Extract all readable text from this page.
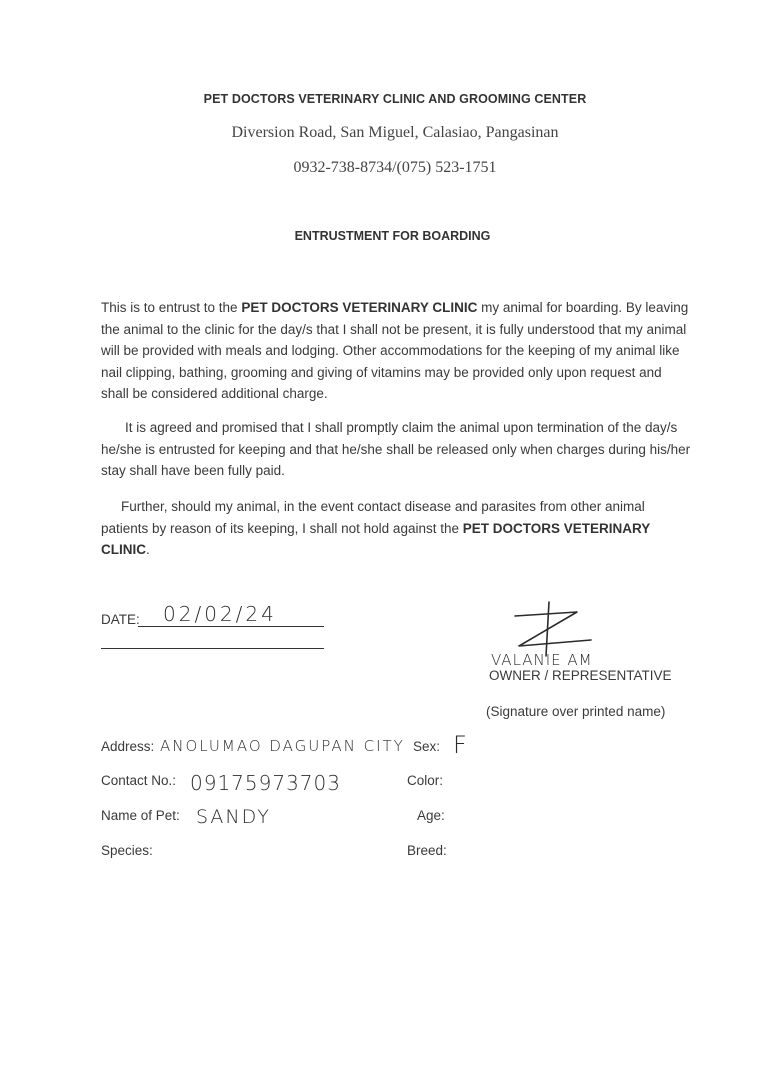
PET DOCTORS VETERINARY CLINIC AND GROOMING CENTER
Diversion Road, San Miguel, Calasiao, Pangasinan
0932-738-8734/(075) 523-1751
ENTRUSTMENT FOR BOARDING
This is to entrust to the PET DOCTORS VETERINARY CLINIC my animal for boarding. By leaving the animal to the clinic for the day/s that I shall not be present, it is fully understood that my animal will be provided with meals and lodging. Other accommodations for the keeping of my animal like nail clipping, bathing, grooming and giving of vitamins may be provided only upon request and shall be considered additional charge.
It is agreed and promised that I shall promptly claim the animal upon termination of the day/s he/she is entrusted for keeping and that he/she shall be released only when charges during his/her stay shall have been fully paid.
Further, should my animal, in the event contact disease and parasites from other animal patients by reason of its keeping, I shall not hold against the PET DOCTORS VETERINARY CLINIC.
DATE: 02/02/24
VALANIE AM
OWNER / REPRESENTATIVE
(Signature over printed name)
Address: ANOLUMAO DAGUPAN CITY Sex: F
Contact No.: 09175973703	Color:
Name of Pet: SANDY	Age:
Species:	Breed:
